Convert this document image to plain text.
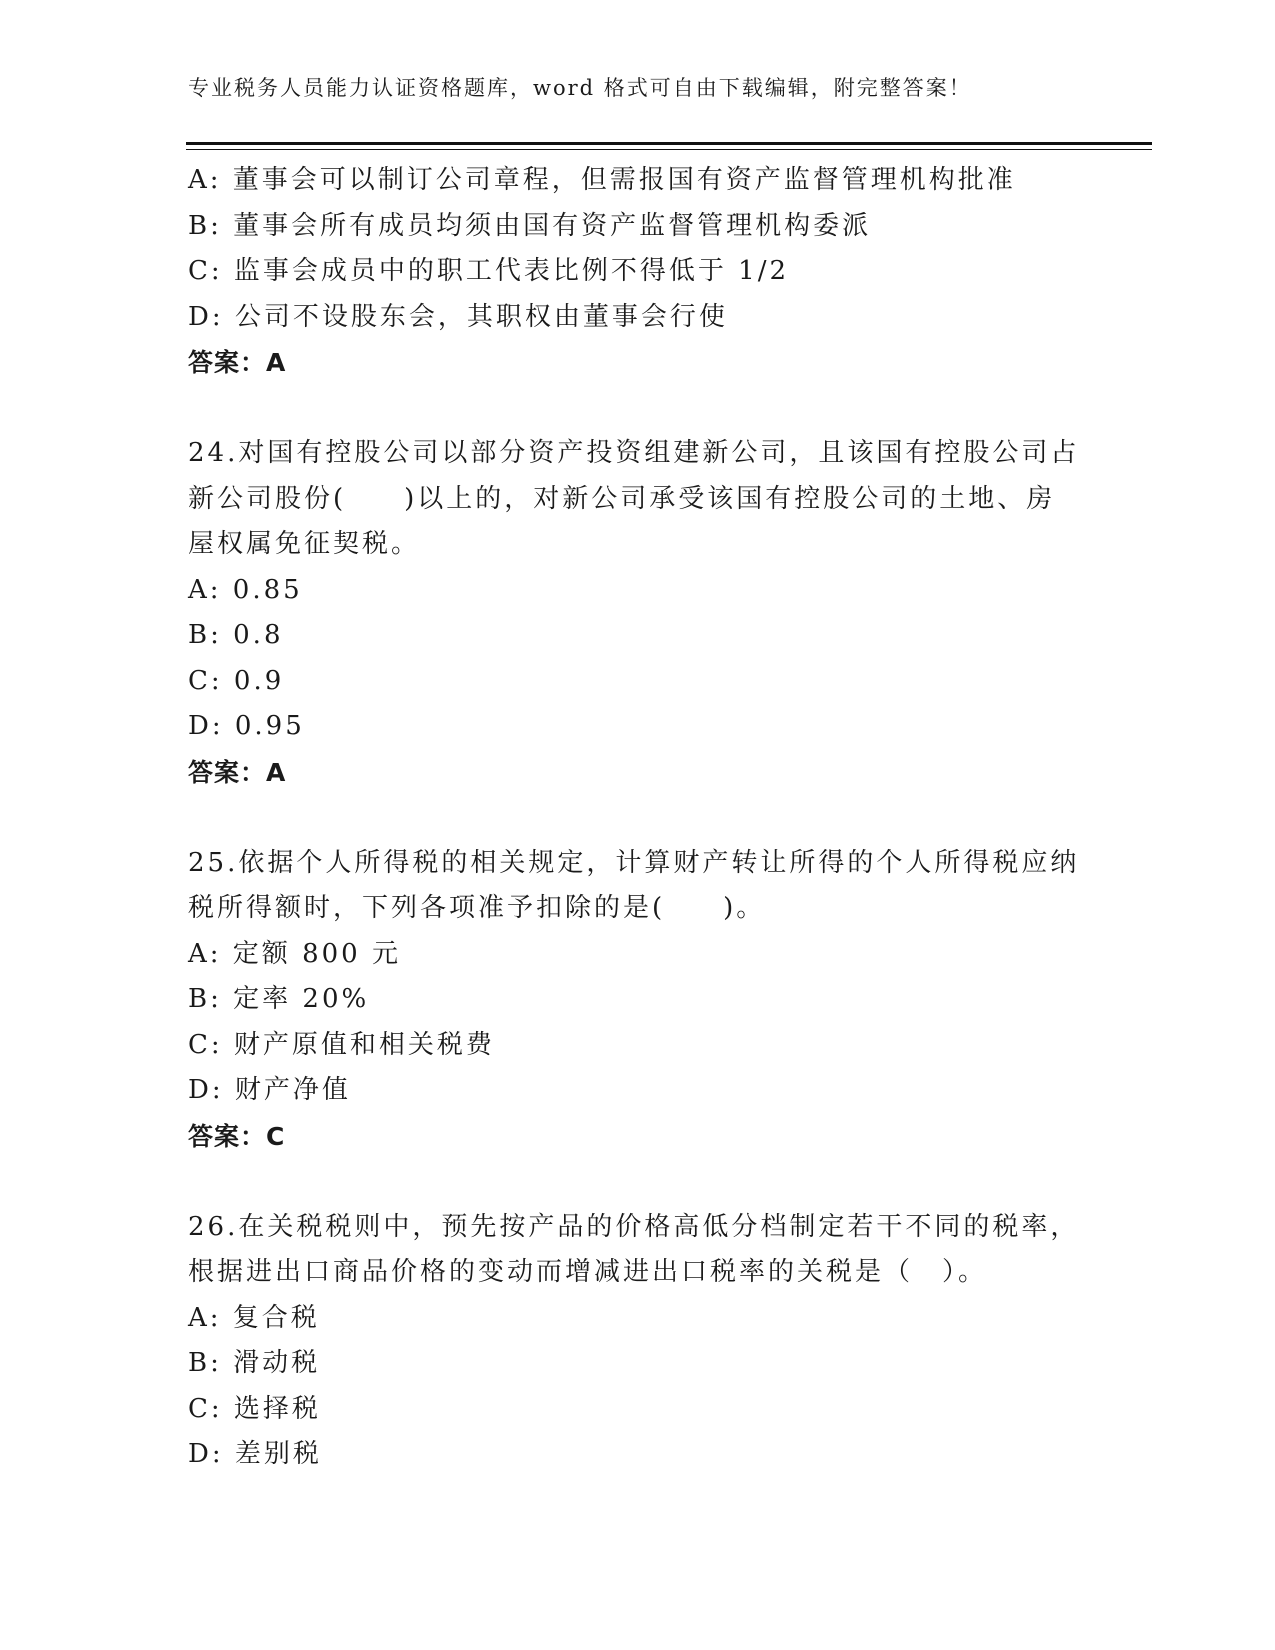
专业税务人员能力认证资格题库，word 格式可自由下载编辑，附完整答案！
A: 董事会可以制订公司章程，但需报国有资产监督管理机构批准
B: 董事会所有成员均须由国有资产监督管理机构委派
C: 监事会成员中的职工代表比例不得低于 1/2
D: 公司不设股东会，其职权由董事会行使
答案：A
24.对国有控股公司以部分资产投资组建新公司，且该国有控股公司占
新公司股份(　　)以上的，对新公司承受该国有控股公司的土地、房
屋权属免征契税。
A: 0.85
B: 0.8
C: 0.9
D: 0.95
答案：A
25.依据个人所得税的相关规定，计算财产转让所得的个人所得税应纳
税所得额时，下列各项准予扣除的是(　　)。
A: 定额 800 元
B: 定率 20%
C: 财产原值和相关税费
D: 财产净值
答案：C
26.在关税税则中，预先按产品的价格高低分档制定若干不同的税率，
根据进出口商品价格的变动而增减进出口税率的关税是（　）。
A: 复合税
B: 滑动税
C: 选择税
D: 差别税
